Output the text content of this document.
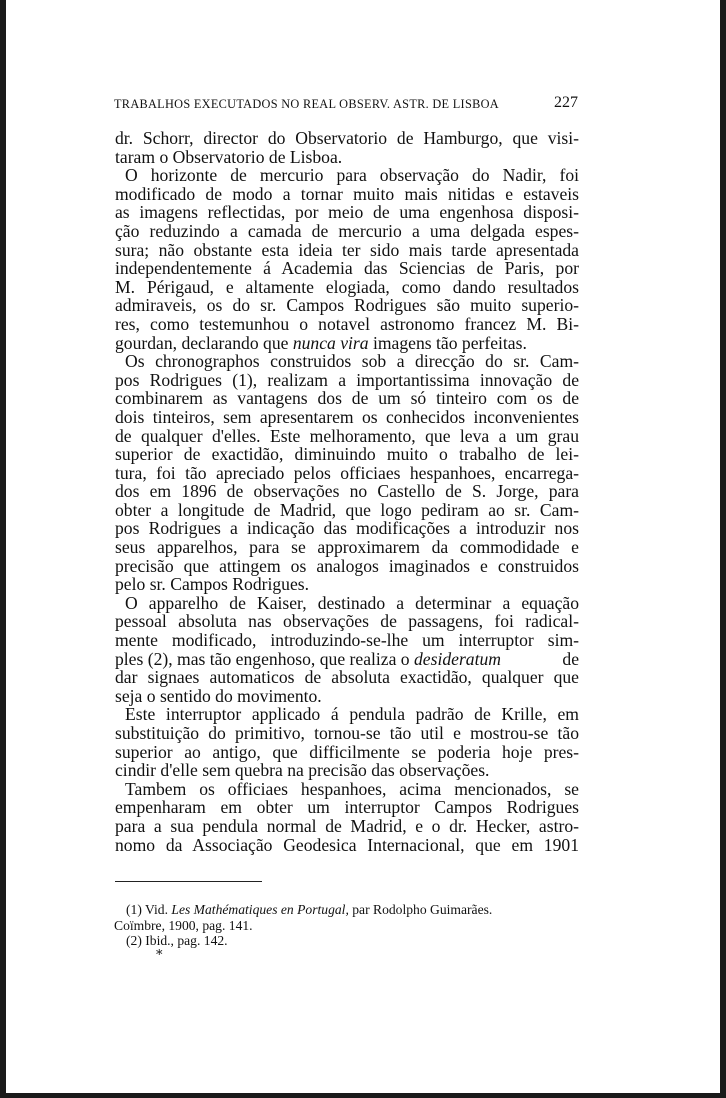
TRABALHOS EXECUTADOS NO REAL OBSERV. ASTR. DE LISBOA	227
dr. Schorr, director do Observatorio de Hamburgo, que visi-
taram o Observatorio de Lisboa.
O horizonte de mercurio para observação do Nadir, foi
modificado de modo a tornar muito mais nitidas e estaveis
as imagens reflectidas, por meio de uma engenhosa disposi-
ção reduzindo a camada de mercurio a uma delgada espes-
sura; não obstante esta ideia ter sido mais tarde apresentada
independentemente á Academia das Sciencias de Paris, por
M. Périgaud, e altamente elogiada, como dando resultados
admiraveis, os do sr. Campos Rodrigues são muito superio-
res, como testemunhou o notavel astronomo francez M. Bi-
gourdan, declarando que nunca vira imagens tão perfeitas.
Os chronographos construidos sob a direcção do sr. Cam-
pos Rodrigues (1), realizam a importantissima innovação de
combinarem as vantagens dos de um só tinteiro com os de
dois tinteiros, sem apresentarem os conhecidos inconvenientes
de qualquer d'elles. Este melhoramento, que leva a um grau
superior de exactidão, diminuindo muito o trabalho de lei-
tura, foi tão apreciado pelos officiaes hespanhoes, encarrega-
dos em 1896 de observações no Castello de S. Jorge, para
obter a longitude de Madrid, que logo pediram ao sr. Cam-
pos Rodrigues a indicação das modificações a introduzir nos
seus apparelhos, para se approximarem da commodidade e
precisão que attingem os analogos imaginados e construidos
pelo sr. Campos Rodrigues.
O apparelho de Kaiser, destinado a determinar a equação
pessoal absoluta nas observações de passagens, foi radical-
mente modificado, introduzindo-se-lhe um interruptor sim-
ples (2), mas tão engenhoso, que realiza o desideratum	de
dar signaes automaticos de absoluta exactidão, qualquer que
seja o sentido do movimento.
Este interruptor applicado á pendula padrão de Krille, em
substituição do primitivo, tornou-se tão util e mostrou-se tão
superior ao antigo, que difficilmente se poderia hoje pres-
cindir d'elle sem quebra na precisão das observações.
Tambem os officiaes hespanhoes, acima mencionados, se
empenharam em obter um interruptor Campos Rodrigues
para a sua pendula normal de Madrid, e o dr. Hecker, astro-
nomo da Associação Geodesica Internacional, que em 1901
(1) Vid. Les Mathématiques en Portugal, par Rodolpho Guimarães.
Coïmbre, 1900, pag. 141.
(2) Ibid., pag. 142.
*
